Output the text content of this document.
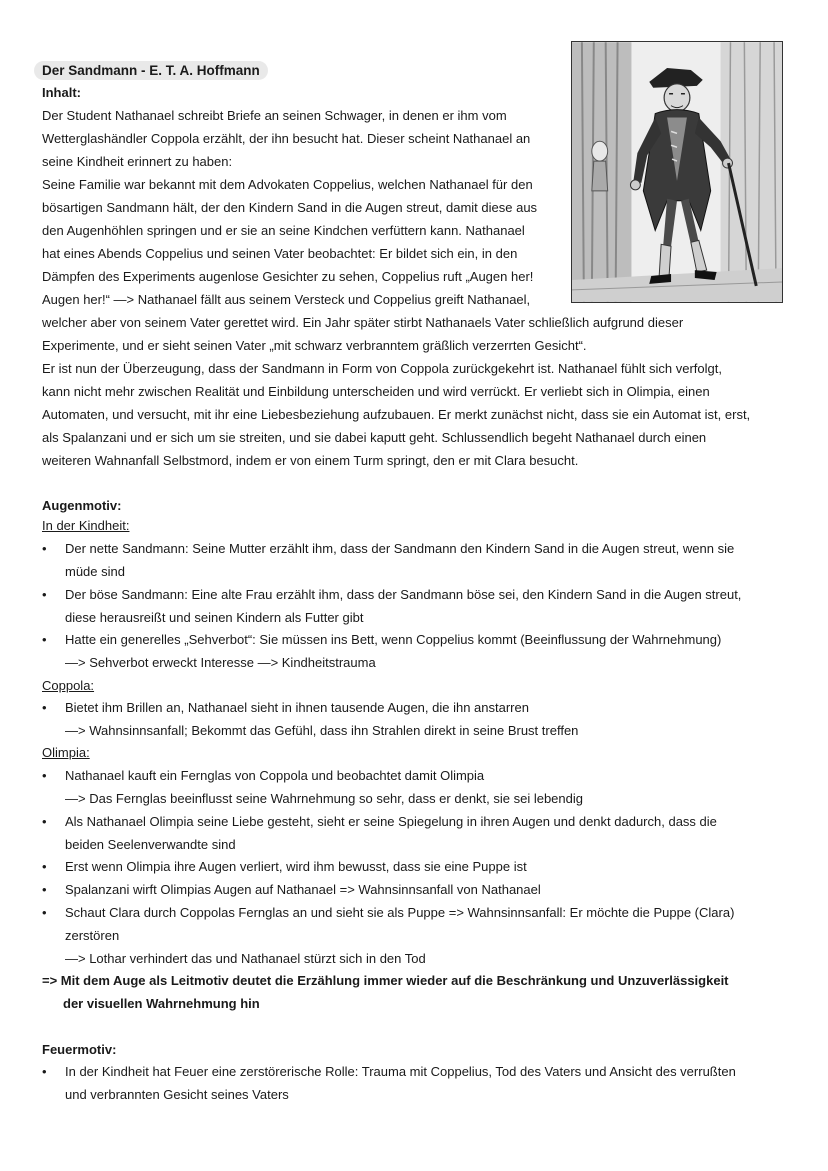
Der Sandmann - E. T. A. Hoffmann
Inhalt:
Der Student Nathanael schreibt Briefe an seinen Schwager, in denen er ihm vom
Wetterglashändler Coppola erzählt, der ihn besucht hat. Dieser scheint Nathanael an
seine Kindheit erinnert zu haben:
Seine Familie war bekannt mit dem Advokaten Coppelius, welchen Nathanael für den
bösartigen Sandmann hält, der den Kindern Sand in die Augen streut, damit diese aus
den Augenhöhlen springen und er sie an seine Kindchen verfüttern kann. Nathanael
hat eines Abends Coppelius und seinen Vater beobachtet: Er bildet sich ein, in den
Dämpfen des Experiments augenlose Gesichter zu sehen, Coppelius ruft „Augen her!
Augen her!“ —> Nathanael fällt aus seinem Versteck und Coppelius greift Nathanael,
welcher aber von seinem Vater gerettet wird. Ein Jahr später stirbt Nathanaels Vater schließlich aufgrund dieser
Experimente, und er sieht seinen Vater „mit schwarz verbranntem gräßlich verzerrten Gesicht“.
Er ist nun der Überzeugung, dass der Sandmann in Form von Coppola zurückgekehrt ist. Nathanael fühlt sich verfolgt,
kann nicht mehr zwischen Realität und Einbildung unterscheiden und wird verrückt. Er verliebt sich in Olimpia, einen
Automaten, und versucht, mit ihr eine Liebesbeziehung aufzubauen. Er merkt zunächst nicht, dass sie ein Automat ist, erst,
als Spalanzani und er sich um sie streiten, und sie dabei kaputt geht. Schlussendlich begeht Nathanael durch einen
weiteren Wahnanfall Selbstmord, indem er von einem Turm springt, den er mit Clara besucht.
Augenmotiv:
In der Kindheit:
•	Der nette Sandmann: Seine Mutter erzählt ihm, dass der Sandmann den Kindern Sand in die Augen streut, wenn sie
müde sind
•	Der böse Sandmann: Eine alte Frau erzählt ihm, dass der Sandmann böse sei, den Kindern Sand in die Augen streut,
diese herausreißt und seinen Kindern als Futter gibt
•	Hatte ein generelles „Sehverbot“: Sie müssen ins Bett, wenn Coppelius kommt (Beeinflussung der Wahrnehmung)
—> Sehverbot erweckt Interesse —> Kindheitstrauma
Coppola:
•	Bietet ihm Brillen an, Nathanael sieht in ihnen tausende Augen, die ihn anstarren
—> Wahnsinnsanfall; Bekommt das Gefühl, dass ihn Strahlen direkt in seine Brust treffen
Olimpia:
•	Nathanael kauft ein Fernglas von Coppola und beobachtet damit Olimpia
—> Das Fernglas beeinflusst seine Wahrnehmung so sehr, dass er denkt, sie sei lebendig
•	Als Nathanael Olimpia seine Liebe gesteht, sieht er seine Spiegelung in ihren Augen und denkt dadurch, dass die
beiden Seelenverwandte sind
•	Erst wenn Olimpia ihre Augen verliert, wird ihm bewusst, dass sie eine Puppe ist
•	Spalanzani wirft Olimpias Augen auf Nathanael => Wahnsinnsanfall von Nathanael
•	Schaut Clara durch Coppolas Fernglas an und sieht sie als Puppe => Wahnsinnsanfall: Er möchte die Puppe (Clara)
zerstören
—> Lothar verhindert das und Nathanael stürzt sich in den Tod
=> Mit dem Auge als Leitmotiv deutet die Erzählung immer wieder auf die Beschränkung und Unzuverlässigkeit
der visuellen Wahrnehmung hin
Feuermotiv:
•	In der Kindheit hat Feuer eine zerstörerische Rolle: Trauma mit Coppelius, Tod des Vaters und Ansicht des verrußten
und verbrannten Gesicht seines Vaters
